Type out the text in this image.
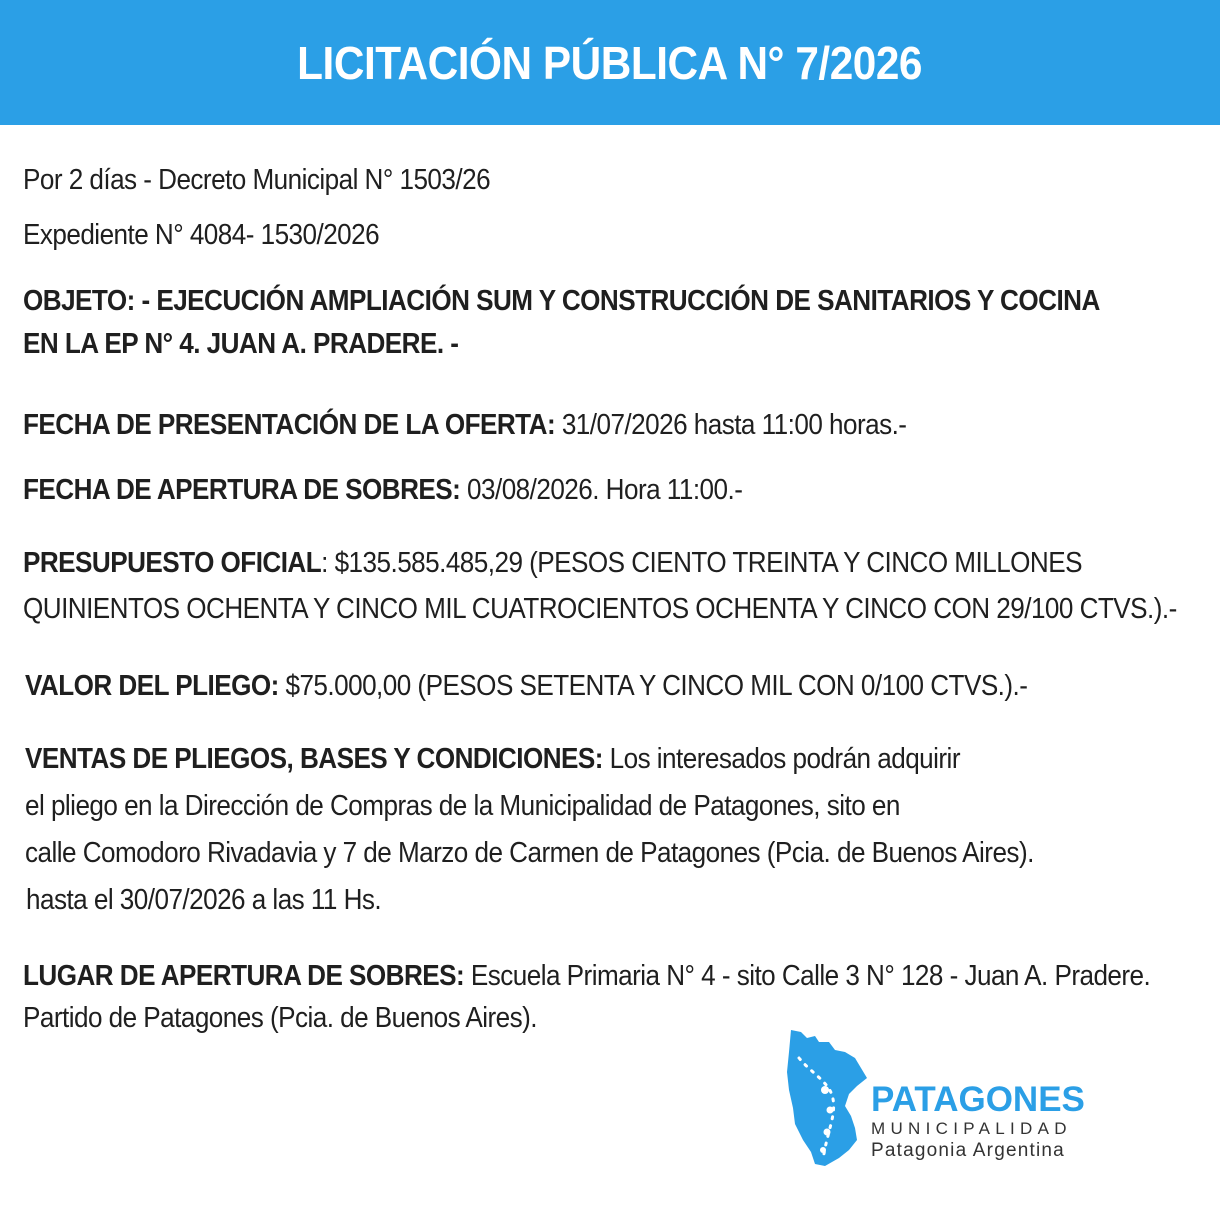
LICITACIÓN PÚBLICA N° 7/2026
Por 2 días - Decreto Municipal N° 1503/26
Expediente N° 4084- 1530/2026
OBJETO: - EJECUCIÓN AMPLIACIÓN SUM Y CONSTRUCCIÓN DE SANITARIOS Y COCINA
EN LA EP N° 4. JUAN A. PRADERE. -
FECHA DE PRESENTACIÓN DE LA OFERTA: 31/07/2026 hasta 11:00 horas.-
FECHA DE APERTURA DE SOBRES: 03/08/2026. Hora 11:00.-
PRESUPUESTO OFICIAL: $135.585.485,29 (PESOS CIENTO TREINTA Y CINCO MILLONES
QUINIENTOS OCHENTA Y CINCO MIL CUATROCIENTOS OCHENTA Y CINCO CON 29/100 CTVS.).-
VALOR DEL PLIEGO: $75.000,00 (PESOS SETENTA Y CINCO MIL CON 0/100 CTVS.).-
VENTAS DE PLIEGOS, BASES Y CONDICIONES: Los interesados podrán adquirir
el pliego en la Dirección de Compras de la Municipalidad de Patagones, sito en
calle Comodoro Rivadavia y 7 de Marzo de Carmen de Patagones (Pcia. de Buenos Aires).
hasta el 30/07/2026 a las 11 Hs.
LUGAR DE APERTURA DE SOBRES: Escuela Primaria N° 4 - sito Calle 3 N° 128 - Juan A. Pradere.
Partido de Patagones (Pcia. de Buenos Aires).
PATAGONES
MUNICIPALIDAD
Patagonia Argentina
